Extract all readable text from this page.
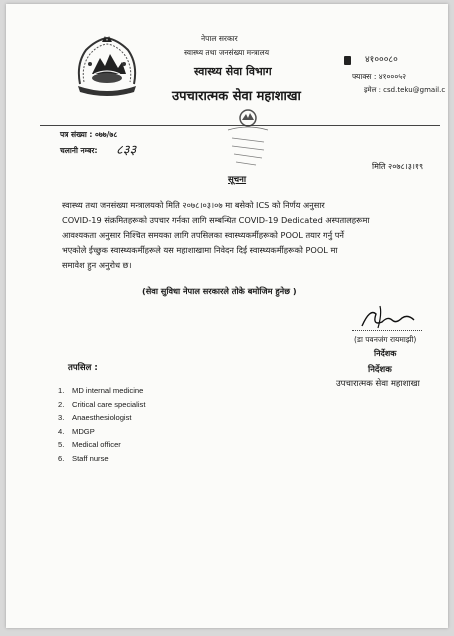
नेपाल सरकार
स्वास्थ्य तथा जनसंख्या मन्त्रालय
स्वास्थ्य सेवा विभाग
उपचारात्मक सेवा महाशाखा
४१०००८०
फ्याक्स : ४१०००५२
इमेल : csd.teku@gmail.c
पत्र संख्या : ०७७/७८
चलानी नम्बर: ८३३
मिति २०७८।३।१९
सूचना
स्वास्थ्य तथा जनसंख्या मन्त्रालयको मिति २०७८।०३।०७ मा बसेको ICS को निर्णय अनुसार
COVID-19 संक्रमितहरूको उपचार गर्नका लागि सम्बन्धित COVID-19 Dedicated अस्पतालहरूमा
आवश्यकता अनुसार निश्चित समयका लागि तपसिलका स्वास्थ्यकर्मीहरूको POOL तयार गर्नु पर्ने
भएकोले ईच्छुक स्वास्थ्यकर्मीहरूले यस महाशाखामा निवेदन दिई स्वास्थ्यकर्मीहरूको POOL मा
समावेश हुन अनुरोध छ।
(सेवा सुविधा नेपाल सरकारले तोके बमोजिम हुनेछ )
(डा पवनजंग रायमाझी)
निर्देशक
निर्देशक
उपचारात्मक सेवा महाशाखा
तपसिल :
1. MD internal medicine
2. Critical care specialist
3. Anaesthesiologist
4. MDGP
5. Medical officer
6. Staff nurse
